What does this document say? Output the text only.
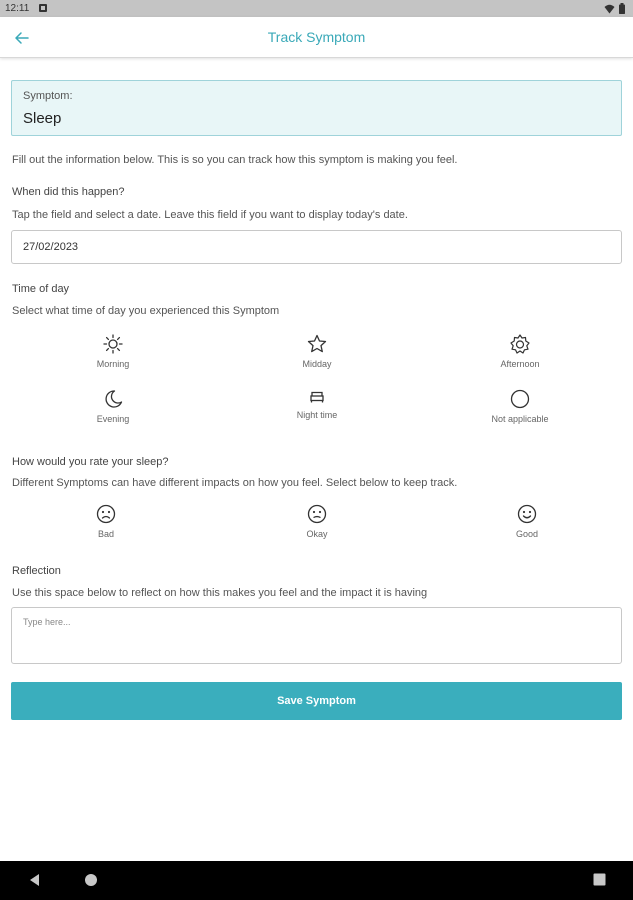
12:11
Track Symptom
Symptom:
Sleep
Fill out the information below. This is so you can track how this symptom is making you feel.
When did this happen?
Tap the field and select a date. Leave this field if you want to display today's date.
27/02/2023
Time of day
Select what time of day you experienced this Symptom
Morning	Midday	Afternoon
Evening	Night time	Not applicable
How would you rate your sleep?
Different Symptoms can have different impacts on how you feel. Select below to keep track.
Bad	Okay	Good
Reflection
Use this space below to reflect on how this makes you feel and the impact it is having
Type here...
Save Symptom
